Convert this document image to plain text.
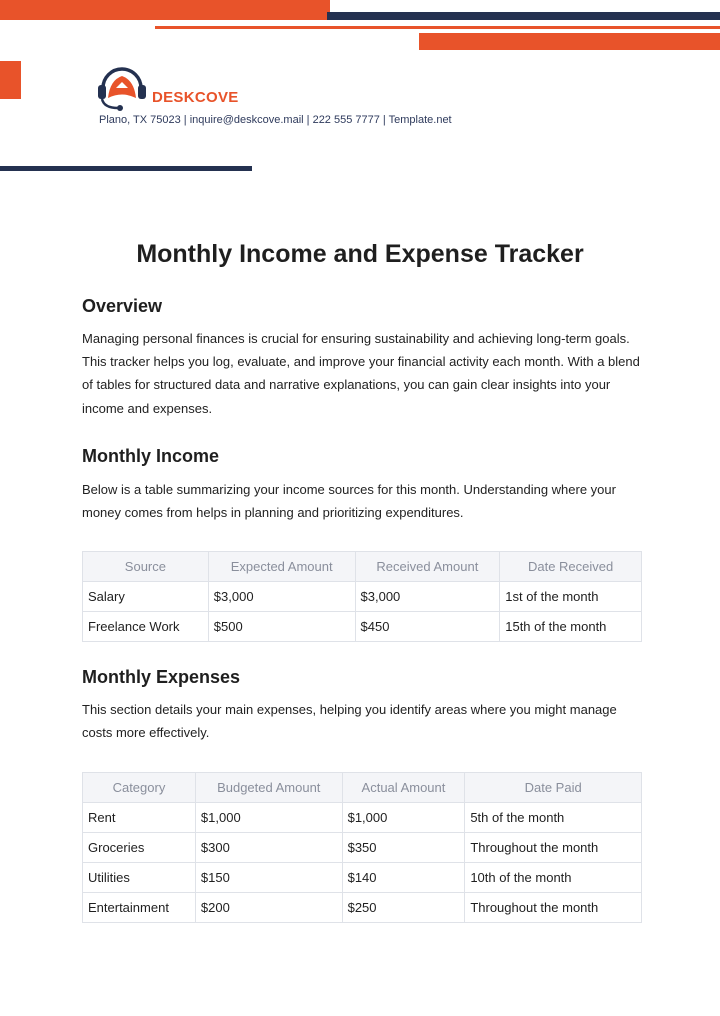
DESKCOVE
Plano, TX 75023 | inquire@deskcove.mail | 222 555 7777 | Template.net
Monthly Income and Expense Tracker
Overview

Managing personal finances is crucial for ensuring sustainability and achieving long-term goals. This tracker helps you log, evaluate, and improve your financial activity each month. With a blend of tables for structured data and narrative explanations, you can gain clear insights into your income and expenses.

Monthly Income

Below is a table summarizing your income sources for this month. Understanding where your money comes from helps in planning and prioritizing expenditures.

Source	Expected Amount	Received Amount	Date Received
Salary	$3,000	$3,000	1st of the month
Freelance Work	$500	$450	15th of the month
Monthly Expenses

This section details your main expenses, helping you identify areas where you might manage costs more effectively.

Category	Budgeted Amount	Actual Amount	Date Paid
Rent	$1,000	$1,000	5th of the month
Groceries	$300	$350	Throughout the month
Utilities	$150	$140	10th of the month
Entertainment	$200	$250	Throughout the month
